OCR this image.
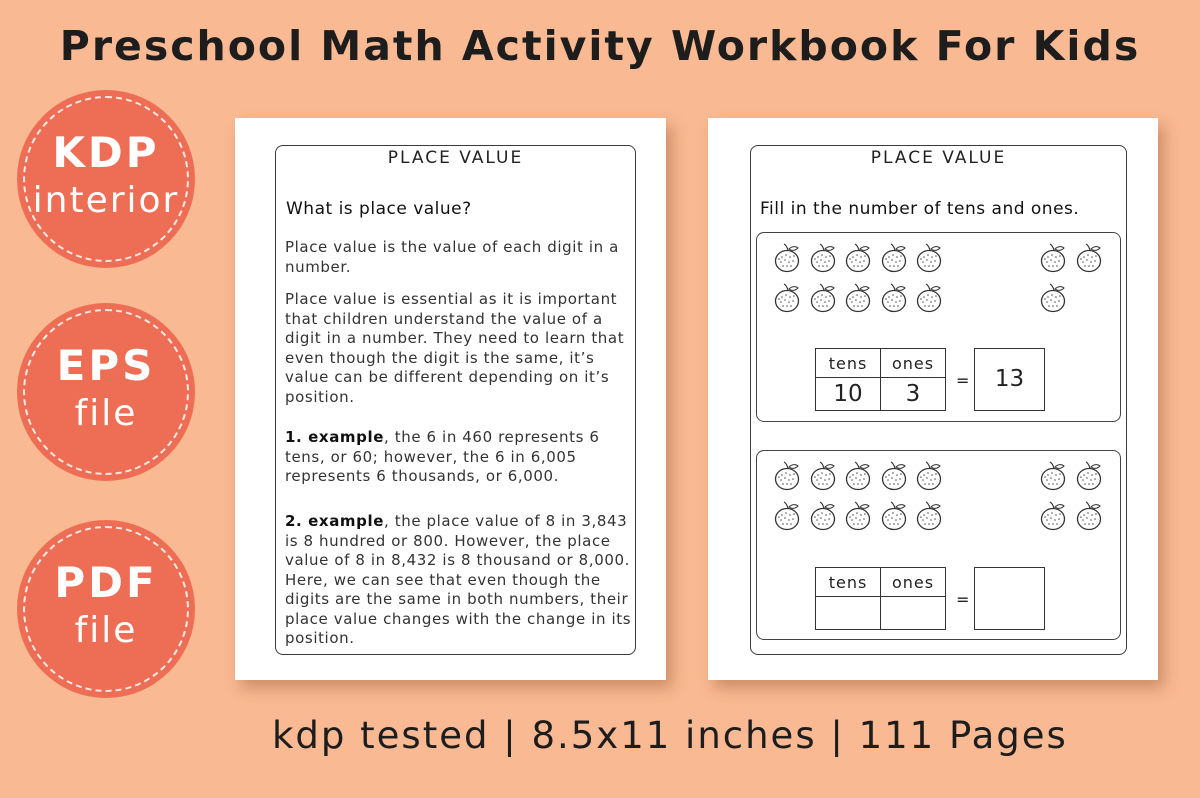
Preschool Math Activity Workbook For Kids
KDP
interior
EPS
file
PDF
file
PLACE VALUE
What is place value?

Place value is the value of each digit in a number.

Place value is essential as it is important that children understand the value of a digit in a number. They need to learn that even though the digit is the same, it’s value can be different depending on it’s position.

1. example, the 6 in 460 represents 6 tens, or 60; however, the 6 in 6,005 represents 6 thousands, or 6,000.

2. example, the place value of 8 in 3,843 is 8 hundred or 800. However, the place value of 8 in 8,432 is 8 thousand or 8,000. Here, we can see that even though the digits are the same in both numbers, their place value changes with the change in its position.

PLACE VALUE
Fill in the number of tens and ones.
tens	ones
10	3
=	13
tens	ones

=
kdp tested | 8.5x11 inches | 111 Pages
